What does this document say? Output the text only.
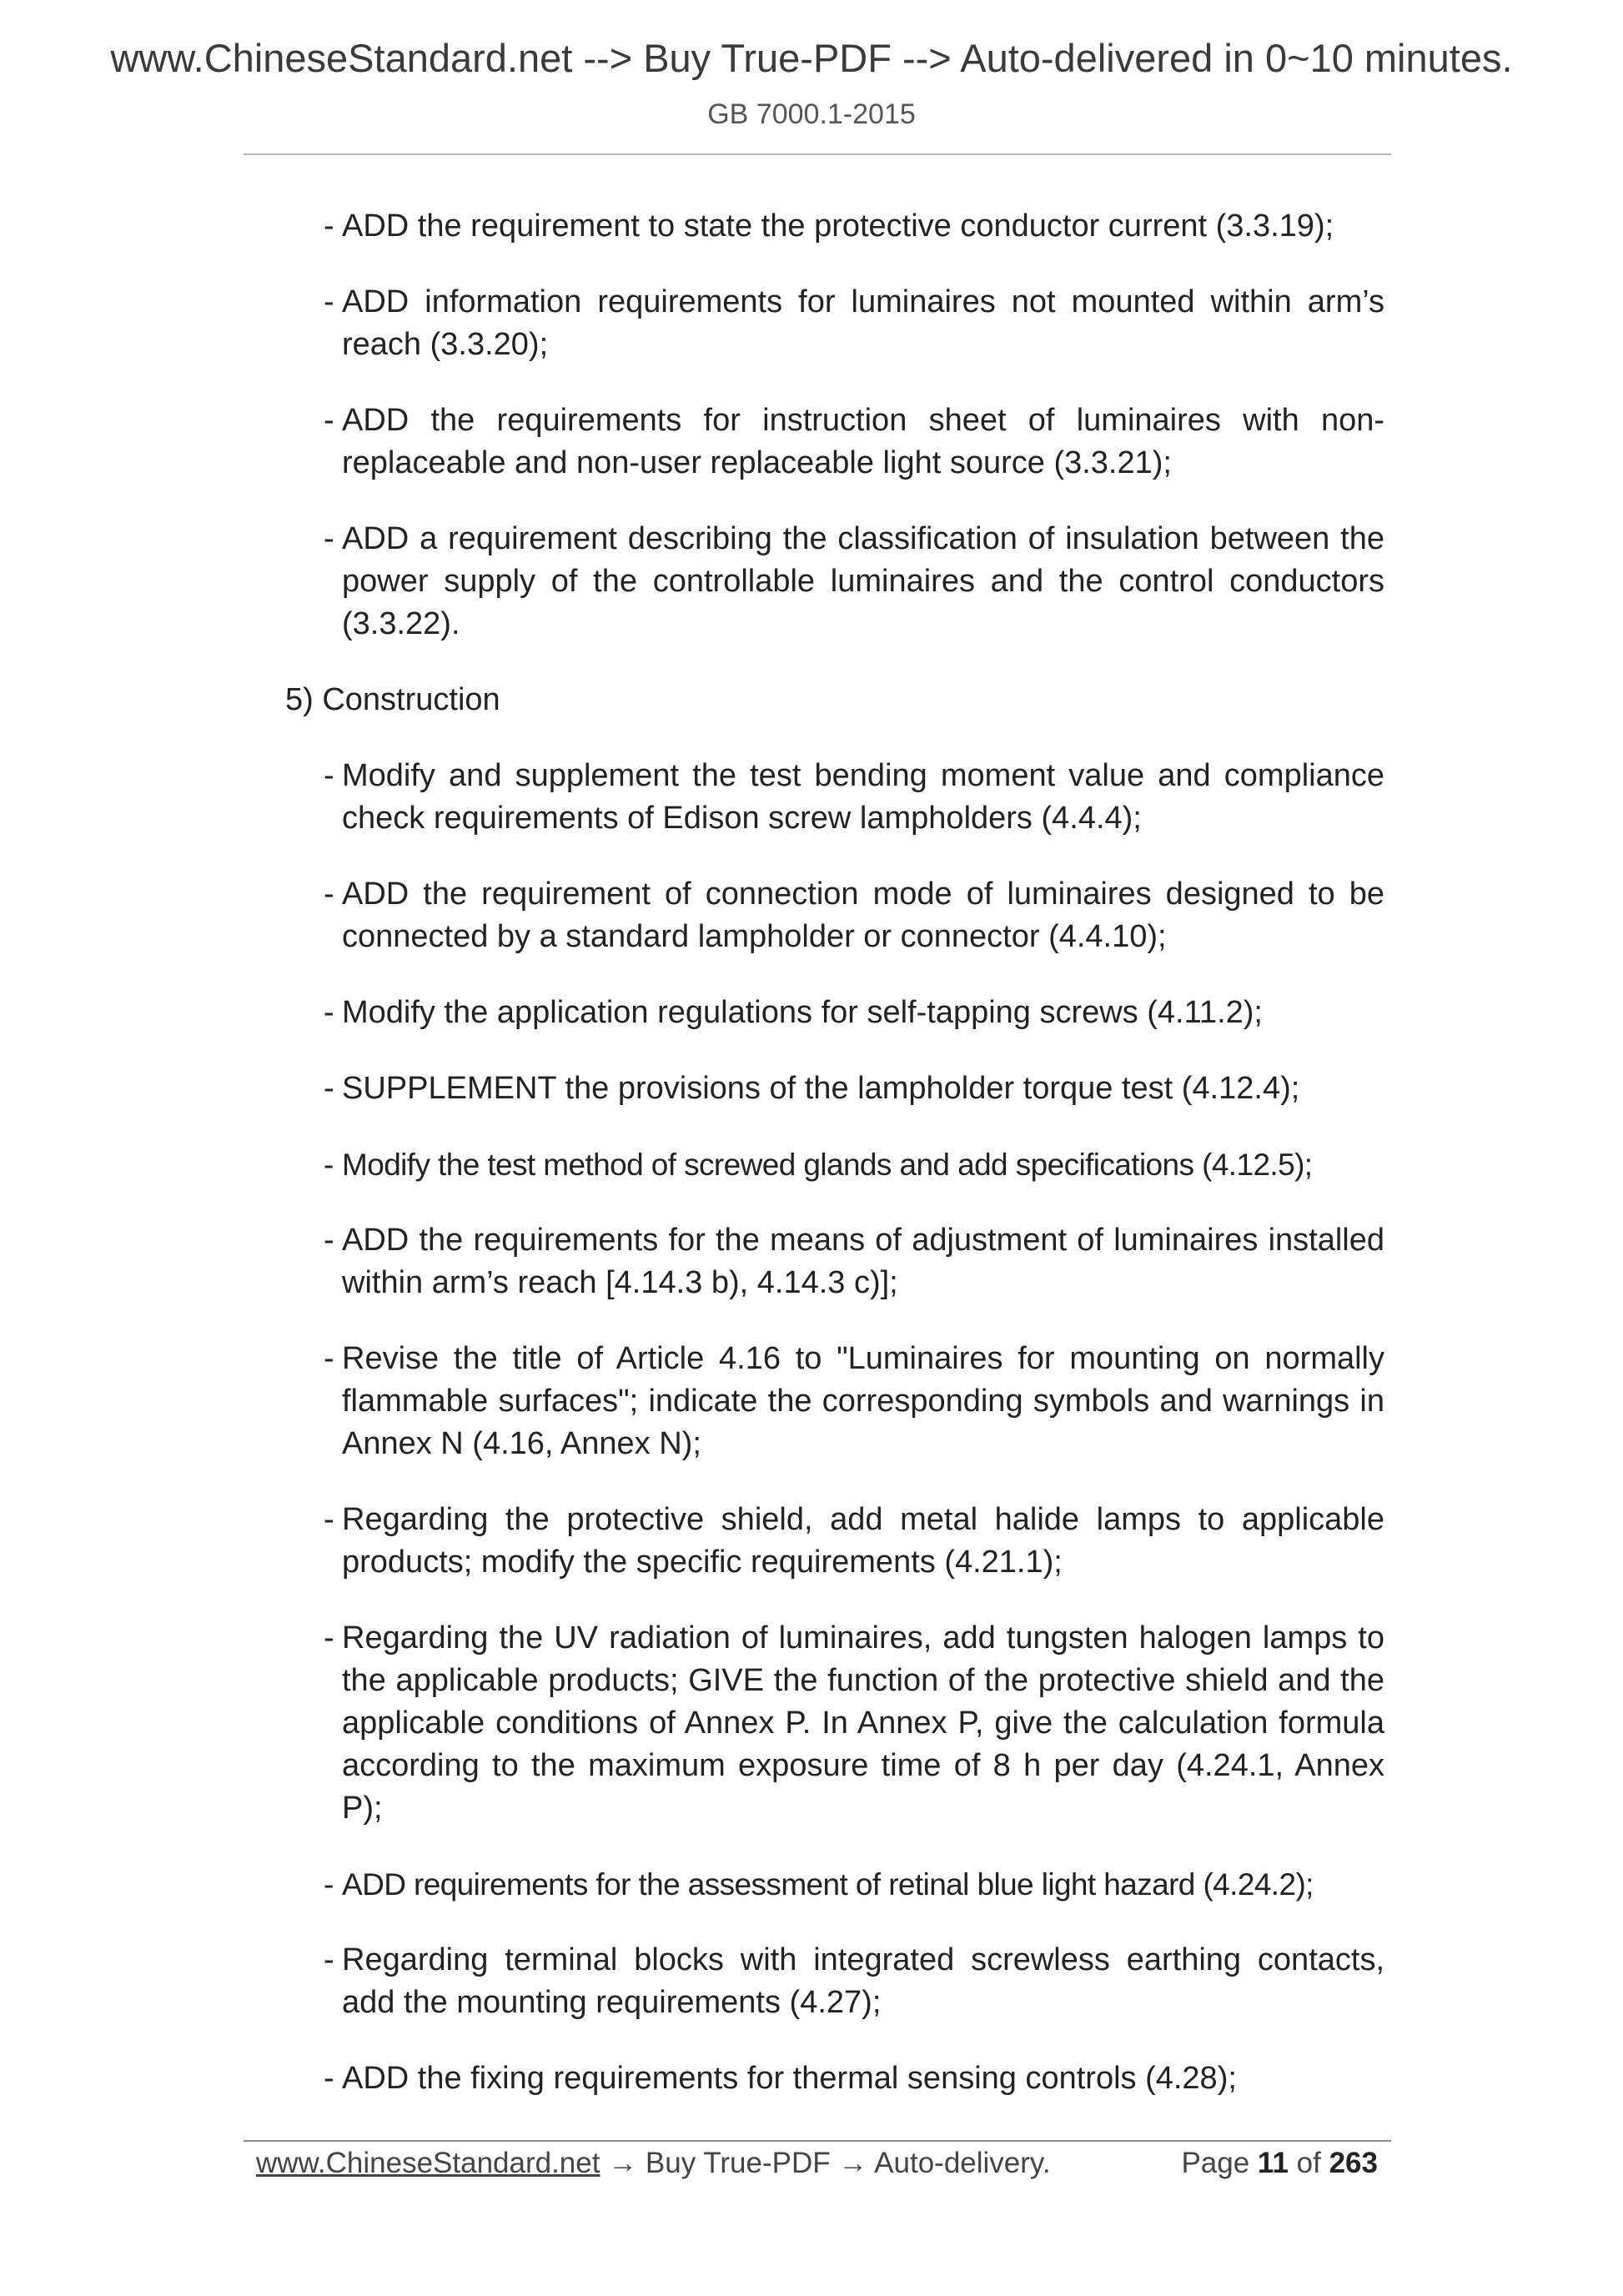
www.ChineseStandard.net --> Buy True-PDF --> Auto-delivered in 0~10 minutes.
GB 7000.1-2015
- ADD the requirement to state the protective conductor current (3.3.19);
- ADD information requirements for luminaires not mounted within arm’s reach (3.3.20);
- ADD the requirements for instruction sheet of luminaires with non-replaceable and non-user replaceable light source (3.3.21);
- ADD a requirement describing the classification of insulation between the power supply of the controllable luminaires and the control conductors (3.3.22).
5) Construction
- Modify and supplement the test bending moment value and compliance check requirements of Edison screw lampholders (4.4.4);
- ADD the requirement of connection mode of luminaires designed to be connected by a standard lampholder or connector (4.4.10);
- Modify the application regulations for self-tapping screws (4.11.2);
- SUPPLEMENT the provisions of the lampholder torque test (4.12.4);
- Modify the test method of screwed glands and add specifications (4.12.5);
- ADD the requirements for the means of adjustment of luminaires installed within arm’s reach [4.14.3 b), 4.14.3 c)];
- Revise the title of Article 4.16 to "Luminaires for mounting on normally flammable surfaces"; indicate the corresponding symbols and warnings in Annex N (4.16, Annex N);
- Regarding the protective shield, add metal halide lamps to applicable products; modify the specific requirements (4.21.1);
- Regarding the UV radiation of luminaires, add tungsten halogen lamps to the applicable products; GIVE the function of the protective shield and the applicable conditions of Annex P. In Annex P, give the calculation formula according to the maximum exposure time of 8 h per day (4.24.1, Annex P);
- ADD requirements for the assessment of retinal blue light hazard (4.24.2);
- Regarding terminal blocks with integrated screwless earthing contacts, add the mounting requirements (4.27);
- ADD the fixing requirements for thermal sensing controls (4.28);
www.ChineseStandard.net → Buy True-PDF → Auto-delivery.	Page 11 of 263
